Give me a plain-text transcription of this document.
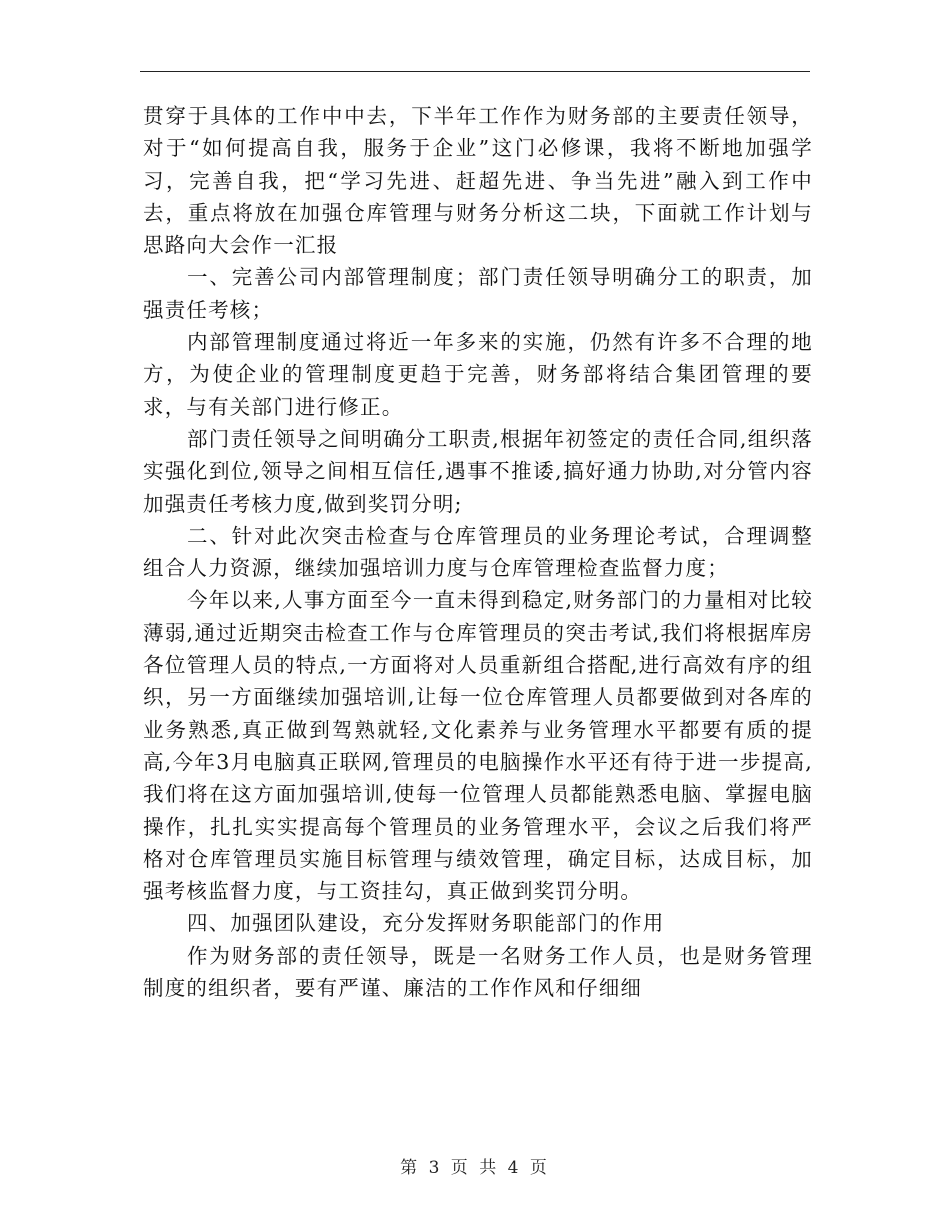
贯穿于具体的工作中中去，下半年工作作为财务部的主要责任领导，对于“如何提高自我，服务于企业”这门必修课，我将不断地加强学习，完善自我，把“学习先进、赶超先进、争当先进”融入到工作中去，重点将放在加强仓库管理与财务分析这二块，下面就工作计划与思路向大会作一汇报

一、完善公司内部管理制度；部门责任领导明确分工的职责，加强责任考核；

内部管理制度通过将近一年多来的实施，仍然有许多不合理的地方，为使企业的管理制度更趋于完善，财务部将结合集团管理的要求，与有关部门进行修正。

部门责任领导之间明确分工职责,根据年初签定的责任合同,组织落实强化到位,领导之间相互信任,遇事不推诿,搞好通力协助,对分管内容加强责任考核力度,做到奖罚分明;

二、针对此次突击检查与仓库管理员的业务理论考试，合理调整组合人力资源，继续加强培训力度与仓库管理检查监督力度；

今年以来,人事方面至今一直未得到稳定,财务部门的力量相对比较薄弱,通过近期突击检查工作与仓库管理员的突击考试,我们将根据库房各位管理人员的特点,一方面将对人员重新组合搭配,进行高效有序的组织，另一方面继续加强培训,让每一位仓库管理人员都要做到对各库的业务熟悉,真正做到驾熟就轻,文化素养与业务管理水平都要有质的提高,今年3月电脑真正联网,管理员的电脑操作水平还有待于进一步提高,我们将在这方面加强培训,使每一位管理人员都能熟悉电脑、掌握电脑操作，扎扎实实提高每个管理员的业务管理水平，会议之后我们将严格对仓库管理员实施目标管理与绩效管理，确定目标，达成目标，加强考核监督力度，与工资挂勾，真正做到奖罚分明。

四、加强团队建设，充分发挥财务职能部门的作用

作为财务部的责任领导，既是一名财务工作人员，也是财务管理制度的组织者，要有严谨、廉洁的工作作风和仔细细

第 3 页 共 4 页
